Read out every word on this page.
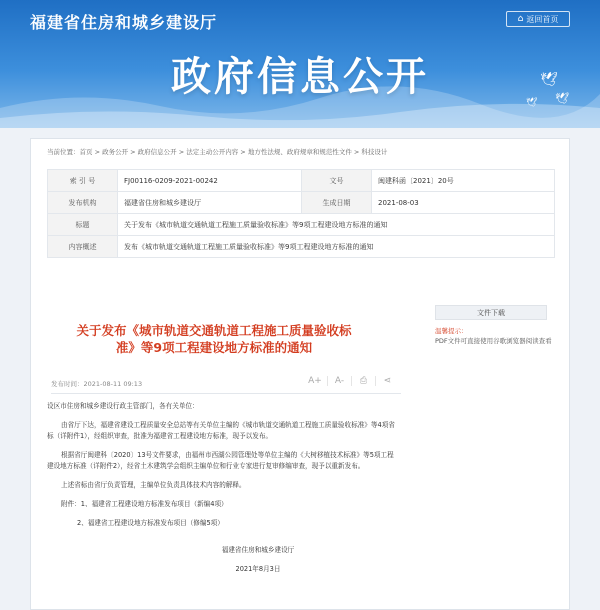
福建省住房和城乡建设厅	⌂ 返回首页
政府信息公开	🕊
🕊
🕊
当前位置：首页 > 政务公开 > 政府信息公开 > 法定主动公开内容 > 地方性法规、政府规章和规范性文件 > 科技设计
索 引 号	FJ00116-0209-2021-00242	文号	闽建科函〔2021〕20号
发布机构	福建省住房和城乡建设厅	生成日期	2021-08-03
标题	关于发布《城市轨道交通轨道工程施工质量验收标准》等9项工程建设地方标准的通知		
内容概述	发布《城市轨道交通轨道工程施工质量验收标准》等9项工程建设地方标准的通知		
关于发布《城市轨道交通轨道工程施工质量验收标准》等9项工程建设地方标准的通知
发布时间：2021-08-11 09:13	A+	A-	⎙	⋖

设区市住房和城乡建设行政主管部门，各有关单位：

由省厅下达，福建省建设工程质量安全总站等有关单位主编的《城市轨道交通轨道工程施工质量验收标准》等4项省标（详附件1），经组织审查，批准为福建省工程建设地方标准，现予以发布。

根据省厅闽建科〔2020〕13号文件要求，由福州市西湖公园管理处等单位主编的《大树移植技术标准》等5项工程建设地方标准（详附件2），经省土木建筑学会组织主编单位和行业专家进行复审修编审查，现予以重新发布。

上述省标由省厅负责管理，主编单位负责具体技术内容的解释。

附件：1、福建省工程建设地方标准发布项目（新编4项）

2、福建省工程建设地方标准发布项目（修编5项）

福建省住房和城乡建设厅

2021年8月3日

文件下载
温馨提示：
PDF文件可直接使用谷歌浏览器阅读查看
